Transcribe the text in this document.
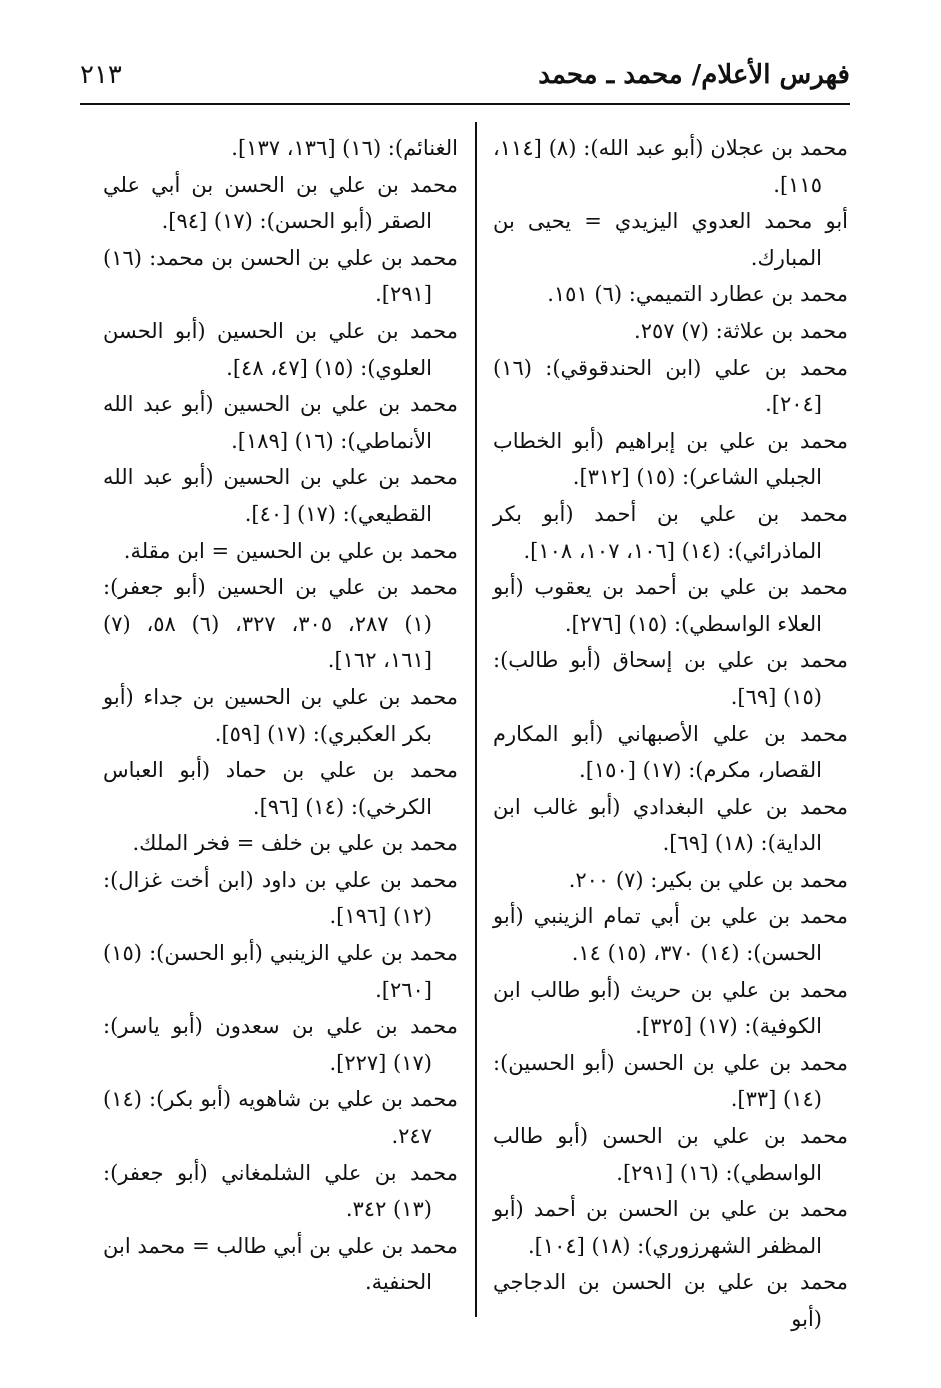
فهرس الأعلام/ محمد ـ محمد
٢١٣

محمد بن عجلان (أبو عبد الله): (٨) [١١٤، ١١٥].

أبو محمد العدوي اليزيدي = يحيى بن المبارك.

محمد بن عطارد التميمي: (٦) ١٥١.

محمد بن علاثة: (٧) ٢٥٧.

محمد بن علي (ابن الحندقوقي): (١٦) [٢٠٤].

محمد بن علي بن إبراهيم (أبو الخطاب الجبلي الشاعر): (١٥) [٣١٢].

محمد بن علي بن أحمد (أبو بكر الماذرائي): (١٤) [١٠٦، ١٠٧، ١٠٨].

محمد بن علي بن أحمد بن يعقوب (أبو العلاء الواسطي): (١٥) [٢٧٦].

محمد بن علي بن إسحاق (أبو طالب): (١٥) [٦٩].

محمد بن علي الأصبهاني (أبو المكارم القصار، مكرم): (١٧) [١٥٠].

محمد بن علي البغدادي (أبو غالب ابن الداية): (١٨) [٦٩].

محمد بن علي بن بكير: (٧) ٢٠٠.

محمد بن علي بن أبي تمام الزينبي (أبو الحسن): (١٤) ٣٧٠، (١٥) ١٤.

محمد بن علي بن حريث (أبو طالب ابن الكوفية): (١٧) [٣٢٥].

محمد بن علي بن الحسن (أبو الحسين): (١٤) [٣٣].

محمد بن علي بن الحسن (أبو طالب الواسطي): (١٦) [٢٩١].

محمد بن علي بن الحسن بن أحمد (أبو المظفر الشهرزوري): (١٨) [١٠٤].

محمد بن علي بن الحسن بن الدجاجي (أبو

الغنائم): (١٦) [١٣٦، ١٣٧].

محمد بن علي بن الحسن بن أبي علي الصقر (أبو الحسن): (١٧) [٩٤].

محمد بن علي بن الحسن بن محمد: (١٦) [٢٩١].

محمد بن علي بن الحسين (أبو الحسن العلوي): (١٥) [٤٧، ٤٨].

محمد بن علي بن الحسين (أبو عبد الله الأنماطي): (١٦) [١٨٩].

محمد بن علي بن الحسين (أبو عبد الله القطيعي): (١٧) [٤٠].

محمد بن علي بن الحسين = ابن مقلة.

محمد بن علي بن الحسين (أبو جعفر): (١) ٢٨٧، ٣٠٥، ٣٢٧، (٦) ٥٨، (٧) [١٦١، ١٦٢].

محمد بن علي بن الحسين بن جداء (أبو بكر العكبري): (١٧) [٥٩].

محمد بن علي بن حماد (أبو العباس الكرخي): (١٤) [٩٦].

محمد بن علي بن خلف = فخر الملك.

محمد بن علي بن داود (ابن أخت غزال): (١٢) [١٩٦].

محمد بن علي الزينبي (أبو الحسن): (١٥) [٢٦٠].

محمد بن علي بن سعدون (أبو ياسر): (١٧) [٢٢٧].

محمد بن علي بن شاهويه (أبو بكر): (١٤) ٢٤٧.

محمد بن علي الشلمغاني (أبو جعفر): (١٣) ٣٤٢.

محمد بن علي بن أبي طالب = محمد ابن الحنفية.
